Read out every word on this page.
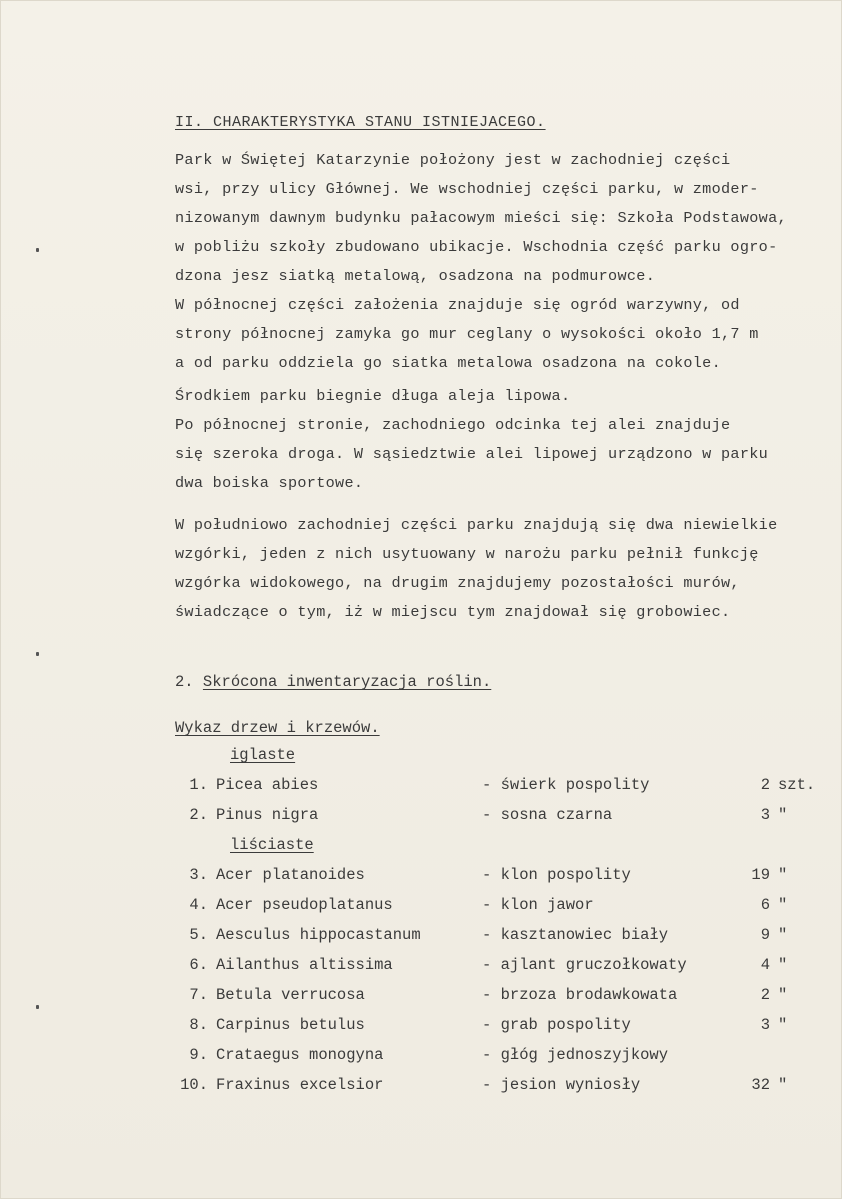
II. CHARAKTERYSTYKA STANU ISTNIEJACEGO.
Park w Świętej Katarzynie położony jest w zachodniej części
wsi, przy ulicy Głównej. We wschodniej części parku, w zmoder-
nizowanym dawnym budynku pałacowym mieści się: Szkoła Podstawowa,
w pobliżu szkoły zbudowano ubikacje. Wschodnia część parku ogro-
dzona jesz siatką metalową, osadzona na podmurowce.
W północnej części założenia znajduje się ogród warzywny, od
strony północnej zamyka go mur ceglany o wysokości około 1,7 m
a od parku oddziela go siatka metalowa osadzona na cokole.
Środkiem parku biegnie długa aleja lipowa.
Po północnej stronie, zachodniego odcinka tej alei znajduje
się szeroka droga. W sąsiedztwie alei lipowej urządzono w parku
dwa boiska sportowe.
W południowo zachodniej części parku znajdują się dwa niewielkie
wzgórki, jeden z nich usytuowany w narożu parku pełnił funkcję
wzgórka widokowego, na drugim znajdujemy pozostałości murów,
świadczące o tym, iż w miejscu tym znajdował się grobowiec.
2. Skrócona inwentaryzacja roślin.
Wykaz drzew i krzewów.
iglaste
1. Picea abies	- świerk pospolity	2 szt.
2. Pinus nigra	- sosna czarna	3 "
liściaste
3. Acer platanoides	- klon pospolity	19 "
4. Acer pseudoplatanus	- klon jawor	6 "
5. Aesculus hippocastanum	- kasztanowiec biały	9 "
6. Ailanthus altissima	- ajlant gruczołkowaty	4 "
7. Betula verrucosa	- brzoza brodawkowata	2 "
8. Carpinus betulus	- grab pospolity	3 "
9. Crataegus monogyna	- głóg jednoszyjkowy
10. Fraxinus excelsior	- jesion wyniosły	32 "
